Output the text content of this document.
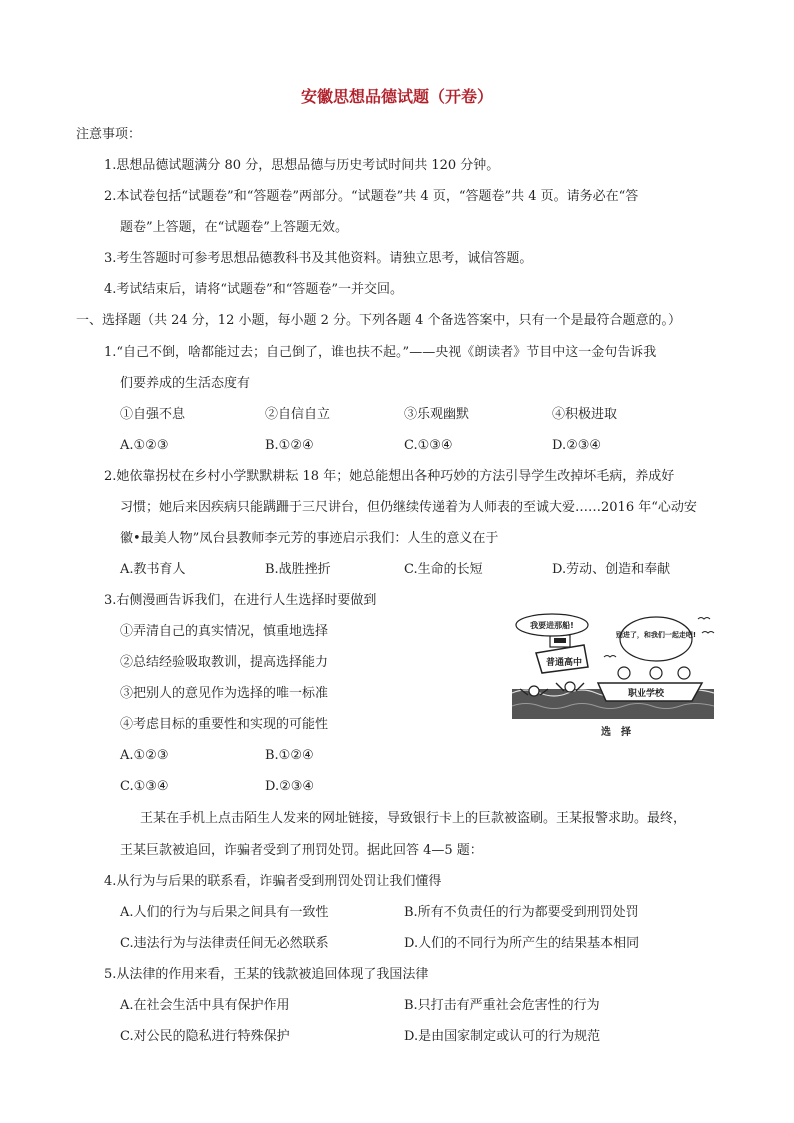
安徽思想品德试题（开卷）
注意事项：
1.思想品德试题满分 80 分，思想品德与历史考试时间共 120 分钟。
2.本试卷包括“试题卷”和“答题卷”两部分。“试题卷”共 4 页，“答题卷”共 4 页。请务必在“答
题卷”上答题，在“试题卷”上答题无效。
3.考生答题时可参考思想品德教科书及其他资料。请独立思考，诚信答题。
4.考试结束后，请将“试题卷”和“答题卷”一并交回。
一、选择题（共 24 分，12 小题，每小题 2 分。下列各题 4 个备选答案中，只有一个是最符合题意的。）
1.“自己不倒，啥都能过去；自己倒了，谁也扶不起。”——央视《朗读者》节目中这一金句告诉我
们要养成的生活态度有
①自强不息	②自信自立	③乐观幽默	④积极进取
A.①②③	B.①②④	C.①③④	D.②③④
2.她依靠拐杖在乡村小学默默耕耘 18 年；她总能想出各种巧妙的方法引导学生改掉坏毛病，养成好
习惯；她后来因疾病只能蹒跚于三尺讲台，但仍继续传递着为人师表的至诚大爱……2016 年“心动安
徽•最美人物”凤台县教师李元芳的事迹启示我们：人生的意义在于
A.教书育人	B.战胜挫折	C.生命的长短	D.劳动、创造和奉献
3.右侧漫画告诉我们，在进行人生选择时要做到
①弄清自己的真实情况，慎重地选择
②总结经验吸取教训，提高选择能力
③把别人的意见作为选择的唯一标准
④考虑目标的重要性和实现的可能性
A.①②③	B.①②④
C.①③④	D.②③④
我要进那船!
别进了，和我们一起走吧!
普通高中
职业学校
选　择
王某在手机上点击陌生人发来的网址链接，导致银行卡上的巨款被盗刷。王某报警求助。最终，
王某巨款被追回，诈骗者受到了刑罚处罚。据此回答 4—5 题：
4.从行为与后果的联系看，诈骗者受到刑罚处罚让我们懂得
A.人们的行为与后果之间具有一致性	B.所有不负责任的行为都要受到刑罚处罚
C.违法行为与法律责任间无必然联系	D.人们的不同行为所产生的结果基本相同
5.从法律的作用来看，王某的钱款被追回体现了我国法律
A.在社会生活中具有保护作用	B.只打击有严重社会危害性的行为
C.对公民的隐私进行特殊保护	D.是由国家制定或认可的行为规范
